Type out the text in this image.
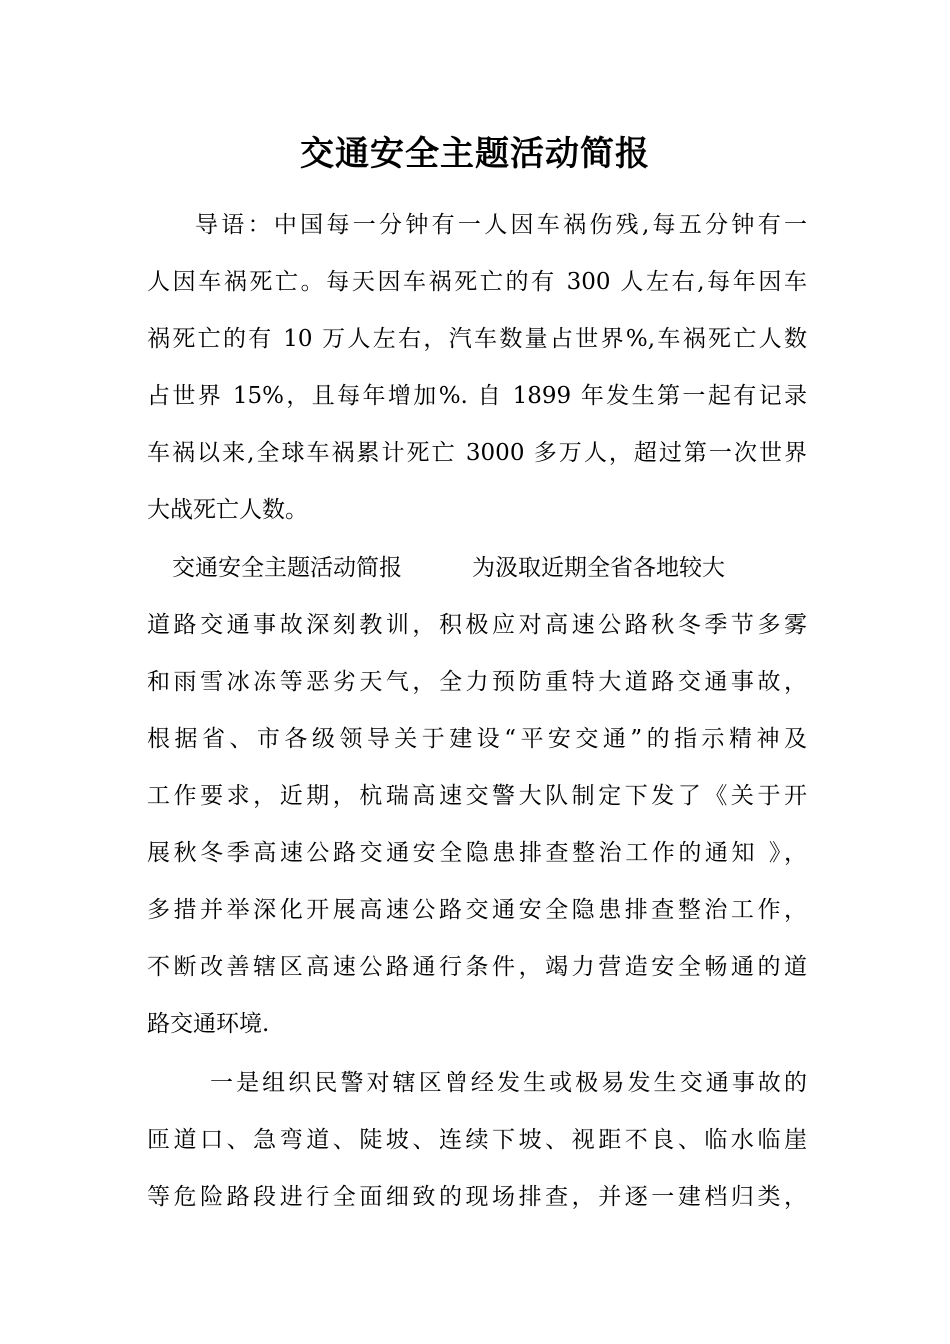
交通安全主题活动简报
导语：中国每一分钟有一人因车祸伤残,每五分钟有一
人因车祸死亡。每天因车祸死亡的有 300 人左右,每年因车
祸死亡的有 10 万人左右，汽车数量占世界%,车祸死亡人数
占世界 15%，且每年增加%. 自 1899 年发生第一起有记录
车祸以来,全球车祸累计死亡 3000 多万人，超过第一次世界
大战死亡人数。
交通安全主题活动简报	为汲取近期全省各地较大
道路交通事故深刻教训，积极应对高速公路秋冬季节多雾
和雨雪冰冻等恶劣天气，全力预防重特大道路交通事故，
根据省、市各级领导关于建设“平安交通”的指示精神及
工作要求，近期，杭瑞高速交警大队制定下发了《关于开
展秋冬季高速公路交通安全隐患排查整治工作的通知 》，
多措并举深化开展高速公路交通安全隐患排查整治工作，
不断改善辖区高速公路通行条件，竭力营造安全畅通的道
路交通环境.
一是组织民警对辖区曾经发生或极易发生交通事故的
匝道口、急弯道、陡坡、连续下坡、视距不良、临水临崖
等危险路段进行全面细致的现场排查，并逐一建档归类，
